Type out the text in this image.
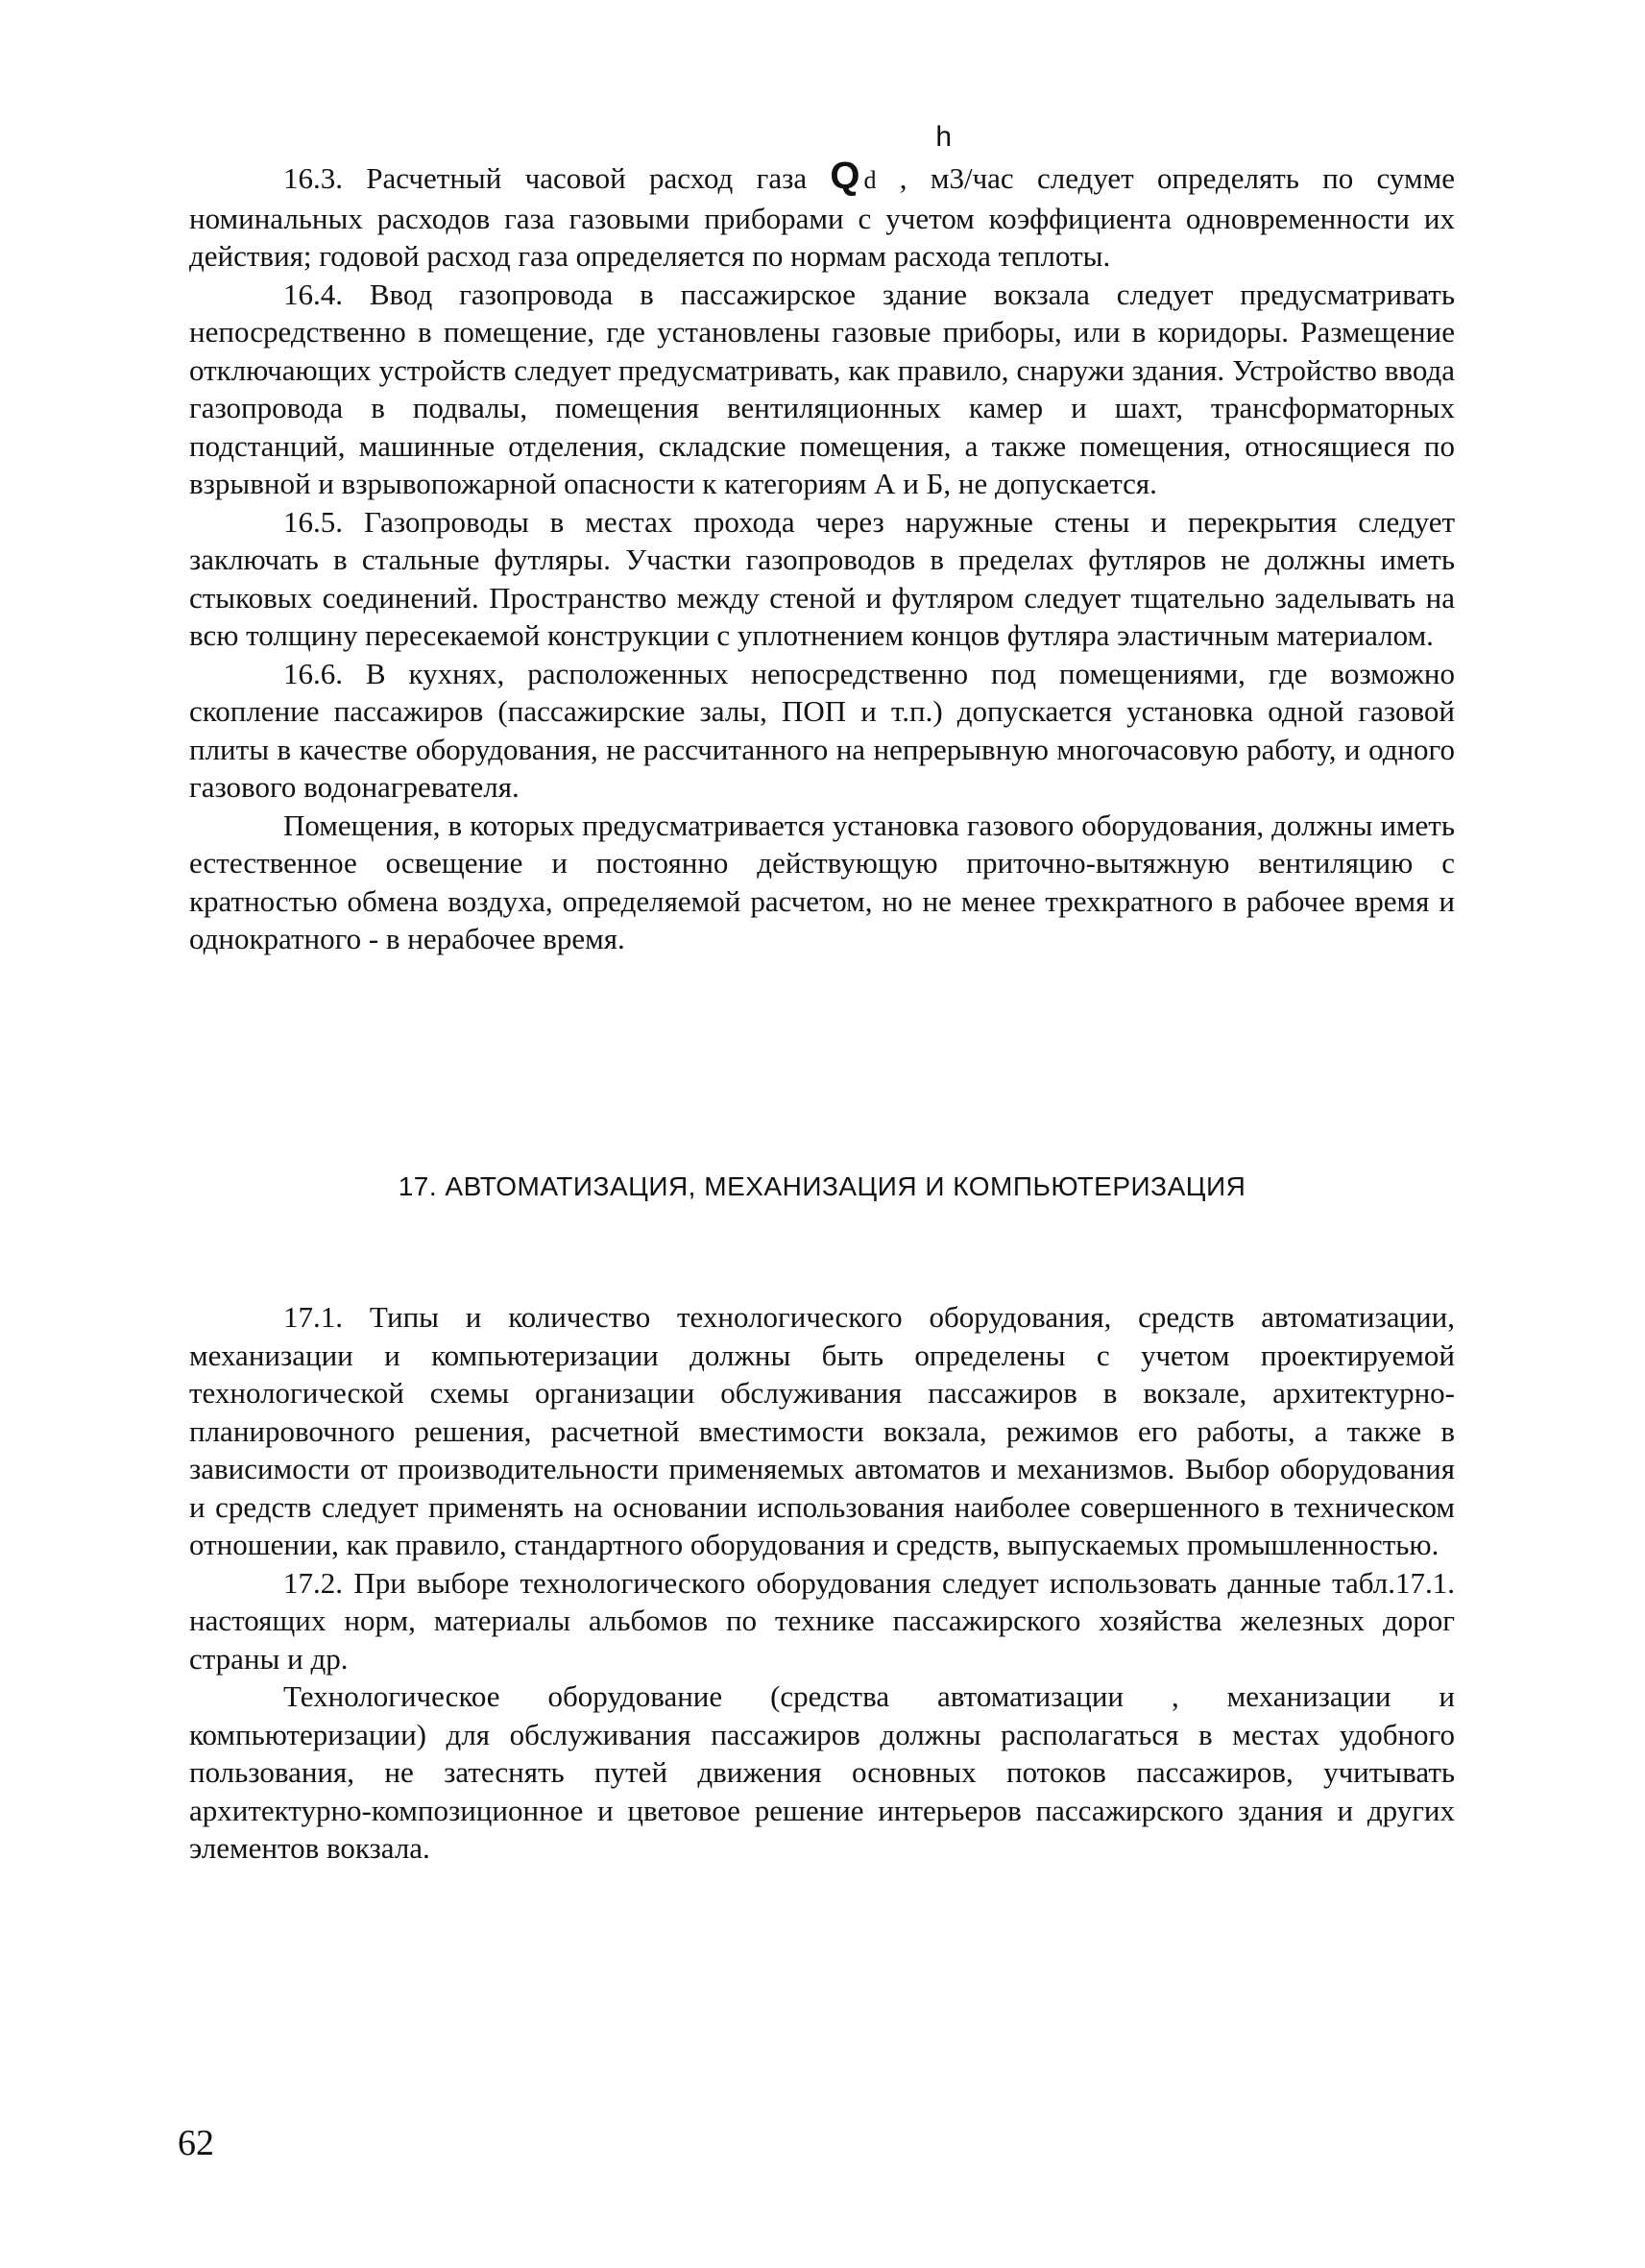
16.3. Расчетный часовой расход газа Q
h
d , м3/час следует определять по сумме номинальных расходов газа газовыми приборами с учетом коэффициента одновременности их действия; годовой расход газа определяется по нормам расхода теплоты.

16.4. Ввод газопровода в пассажирское здание вокзала следует предусматривать непосредственно в помещение, где установлены газовые приборы, или в коридоры. Размещение отключающих устройств следует предусматривать, как правило, снаружи здания. Устройство ввода газопровода в подвалы, помещения вентиляционных камер и шахт, трансформаторных подстанций, машинные отделения, складские помещения, а также помещения, относящиеся по взрывной и взрывопожарной опасности к категориям А и Б, не допускается.

16.5. Газопроводы в местах прохода через наружные стены и перекрытия следует заключать в стальные футляры. Участки газопроводов в пределах футляров не должны иметь стыковых соединений. Пространство между стеной и футляром следует тщательно заделывать на всю толщину пересекаемой конструкции с уплотнением концов футляра эластичным материалом.

16.6. В кухнях, расположенных непосредственно под помещениями, где возможно скопление пассажиров (пассажирские залы, ПОП и т.п.) допускается установка одной газовой плиты в качестве оборудования, не рассчитанного на непрерывную многочасовую работу, и одного газового водонагревателя.

Помещения, в которых предусматривается установка газового оборудования, должны иметь естественное освещение и постоянно действующую приточно-вытяжную вентиляцию с кратностью обмена воздуха, определяемой расчетом, но не менее трехкратного в рабочее время и однократного - в нерабочее время.

17. АВТОМАТИЗАЦИЯ, МЕХАНИЗАЦИЯ И КОМПЬЮТЕРИЗАЦИЯ

17.1. Типы и количество технологического оборудования, средств автоматизации, механизации и компьютеризации должны быть определены с учетом проектируемой технологической схемы организации обслуживания пассажиров в вокзале, архитектурно-планировочного решения, расчетной вместимости вокзала, режимов его работы, а также в зависимости от производительности применяемых автоматов и механизмов. Выбор оборудования и средств следует применять на основании использования наиболее совершенного в техническом отношении, как правило, стандартного оборудования и средств, выпускаемых промышленностью.

17.2. При выборе технологического оборудования следует использовать данные табл.17.1. настоящих норм, материалы альбомов по технике пассажирского хозяйства железных дорог страны и др.

Технологическое оборудование (средства автоматизации , механизации и компьютеризации) для обслуживания пассажиров должны располагаться в местах удобного пользования, не затеснять путей движения основных потоков пассажиров, учитывать архитектурно-композиционное и цветовое решение интерьеров пассажирского здания и других элементов вокзала.

62
